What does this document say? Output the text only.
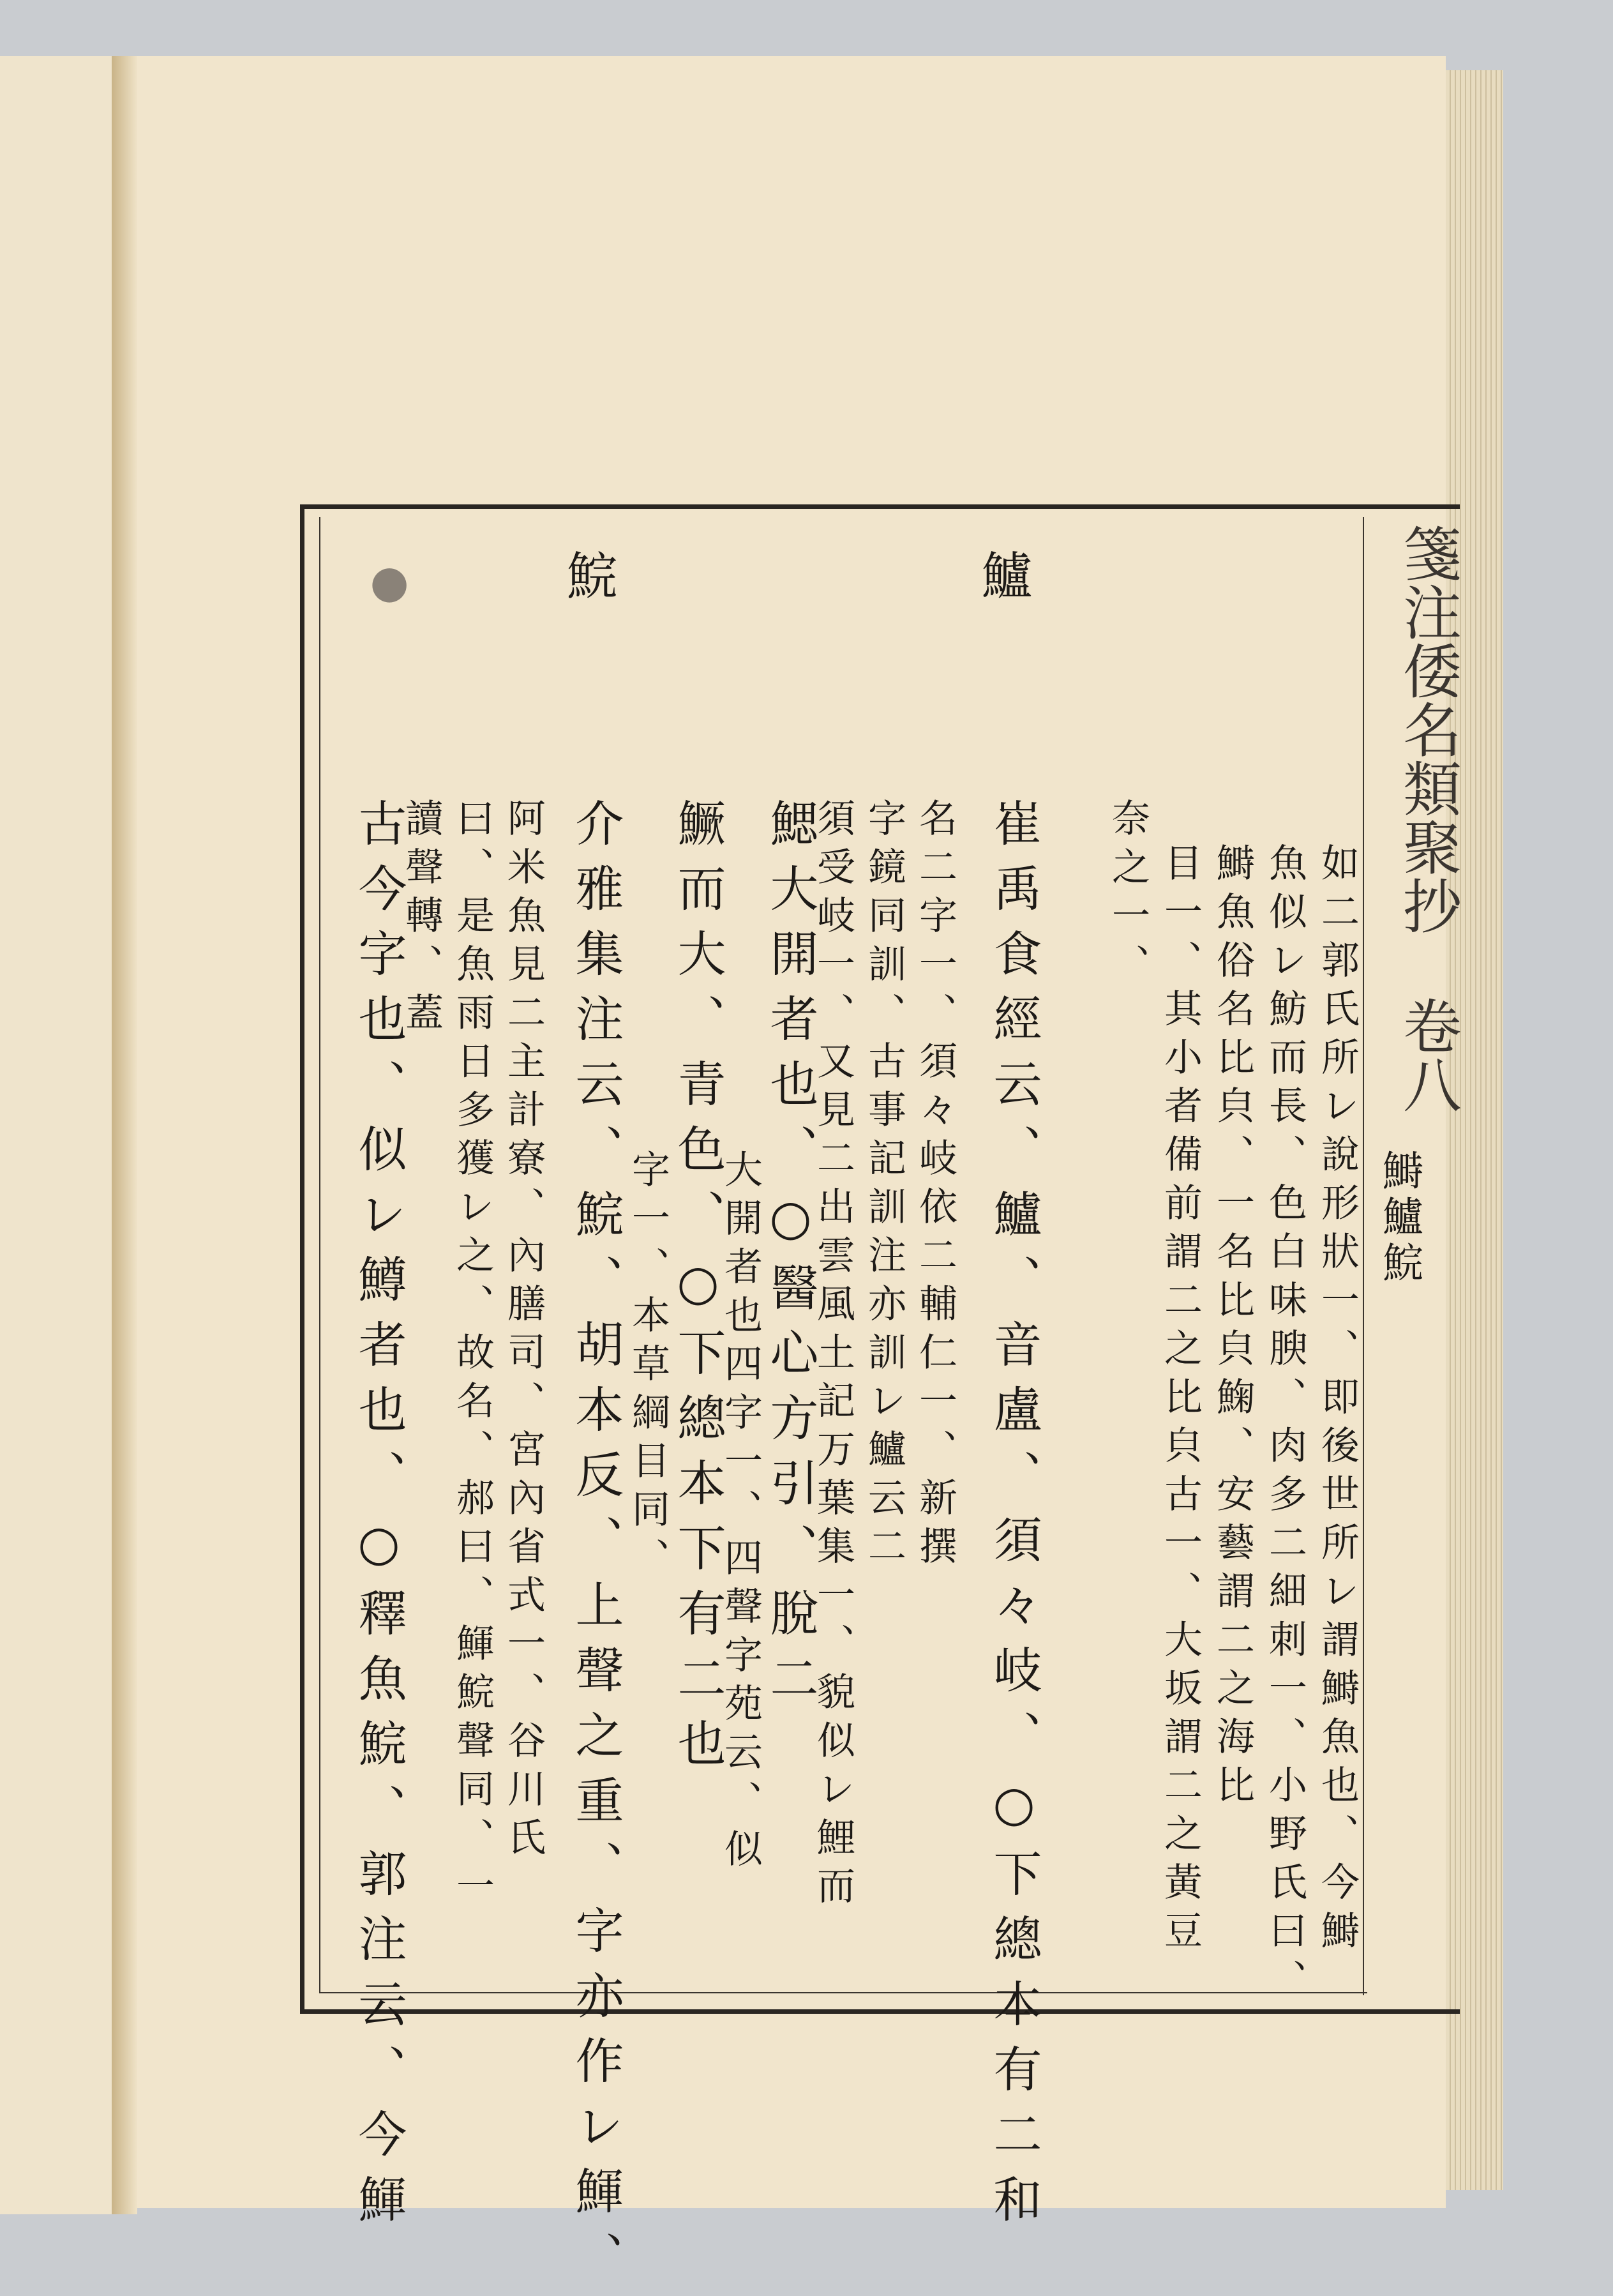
箋注倭名類聚抄
卷八
鰣鱸鯇
鱸
鯇
●
如二郭氏所レ說形狀一、即後世所レ謂鰣魚也、今鰣
魚似レ魴而長、色白味腴、肉多二細刺一、小野氏曰、
鰣魚俗名比㒵、一名比㒵䱡、安藝謂二之海比
目一、其小者備前謂二之比㒵古一、大坂謂二之黃豆
奈之一、
崔禹食經云、鱸、音盧、須々岐、○下總本有二和
名二字一、須々岐依二輔仁一、新撰
字鏡同訓、古事記訓注亦訓レ鱸云二
須受岐一、又見二出雲風土記万葉集一、貌似レ鯉而
鰓大開者也、○醫心方引、脫二
大開者也四字一、四聲字苑云、似
鱖而大、青色、○下總本下有二也
字一、本草綱目同、
介雅集注云、鯇、胡本反、上聲之重、字亦作レ鯶、
阿米魚見二主計寮、內膳司、宮內省式一、谷川氏
曰、是魚雨日多獲レ之、故名、郝曰、鯶鯇聲同、一
讀聲轉、蓋
古今字也、似レ鱒者也、○釋魚鯇、郭注云、今鯶
